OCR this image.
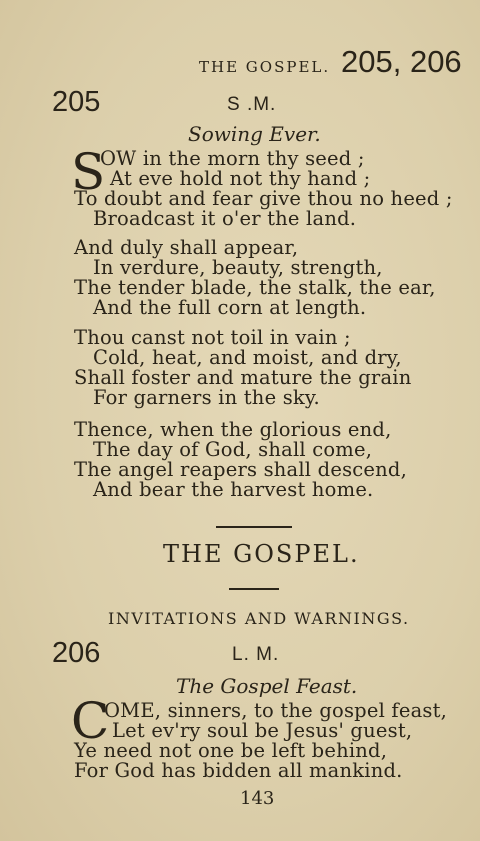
THE GOSPEL. 205, 206
205	S .M.
Sowing Ever.
S
OW in the morn thy seed ;
At eve hold not thy hand ;
To doubt and fear give thou no heed ;
Broadcast it o'er the land.
And duly shall appear,
In verdure, beauty, strength,
The tender blade, the stalk, the ear,
And the full corn at length.
Thou canst not toil in vain ;
Cold, heat, and moist, and dry,
Shall foster and mature the grain
For garners in the sky.
Thence, when the glorious end,
The day of God, shall come,
The angel reapers shall descend,
And bear the harvest home.
THE GOSPEL.
INVITATIONS AND WARNINGS.
206	L. M.
The Gospel Feast.
C
OME, sinners, to the gospel feast,
Let ev'ry soul be Jesus' guest,
Ye need not one be left behind,
For God has bidden all mankind.
143
